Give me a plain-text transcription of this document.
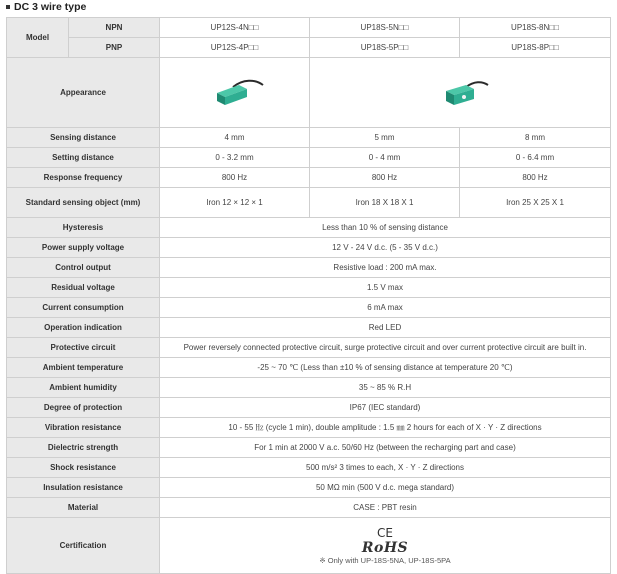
DC 3 wire type
Model	NPN	UP12S-4N□□	UP18S-5N□□	UP18S-8N□□
	PNP	UP12S-4P□□	UP18S-5P□□	UP18S-8P□□
Appearance	

Sensing distance		4 mm	5 mm	8 mm
Setting distance		0 - 3.2 mm	0 - 4 mm	0 - 6.4 mm
Response frequency		800 Hz	800 Hz	800 Hz
Standard sensing object (mm)		Iron 12 × 12 × 1	Iron 18 X 18 X 1	Iron 25 X 25 X 1
Hysteresis		Less than 10 % of sensing distance		
Power supply voltage		12 V - 24 V d.c. (5 - 35 V d.c.)		
Control output		Resistive load : 200 mA max.		
Residual voltage		1.5 V max		
Current consumption		6 mA max		
Operation indication		Red LED		
Protective circuit		Power reversely connected protective circuit, surge protective circuit and over current protective circuit are built in.		
Ambient temperature		-25 ~ 70 ℃ (Less than ±10 % of sensing distance at temperature 20 ℃)		
Ambient humidity		35 ~ 85 % R.H		
Degree of protection		IP67 (IEC standard)		
Vibration resistance		10 - 55 ㎐ (cycle 1 min), double amplitude : 1.5 ㎜ 2 hours for each of X · Y · Z directions		
Dielectric strength		For 1 min at 2000 V a.c. 50/60 Hz (between the recharging part and case)		
Shock resistance		500 m/s² 3 times to each, X · Y · Z directions		
Insulation resistance		50 MΩ min (500 V d.c. mega standard)		
Material		CASE : PBT resin		
Certification		CE
RoHS
※ Only with UP-18S-5NA, UP-18S-5PA		
